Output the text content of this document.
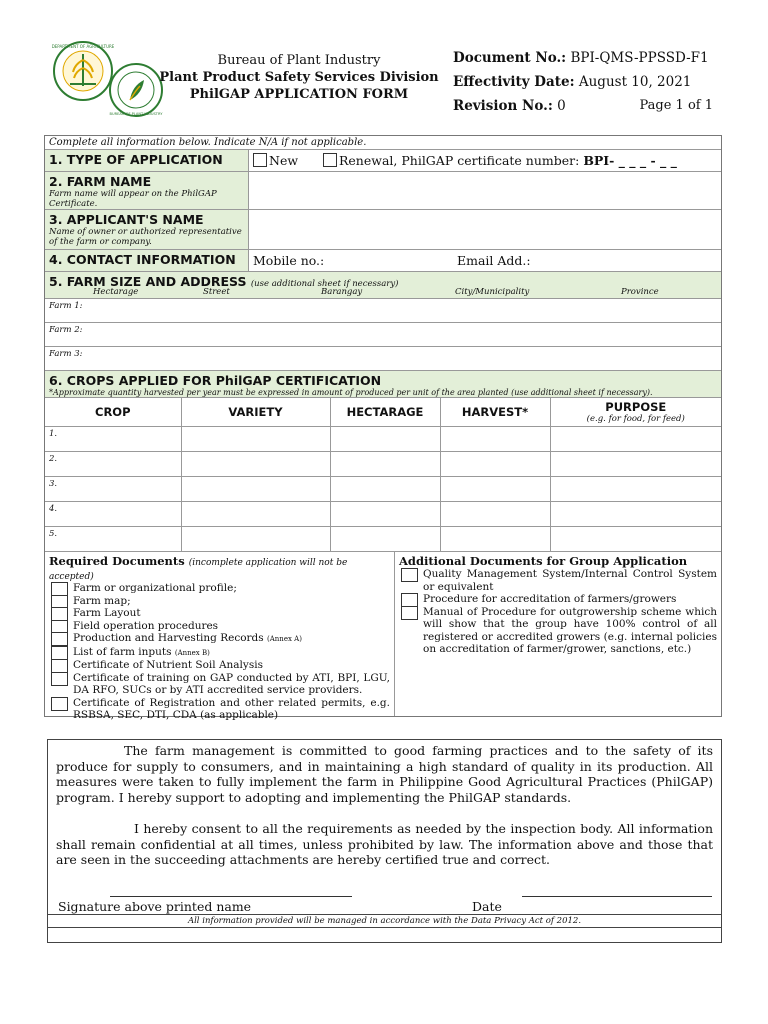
DEPARTMENT OF AGRICULTURE
BUREAU OF PLANT INDUSTRY
Bureau of Plant Industry
Plant Product Safety Services Division
PhilGAP APPLICATION FORM
Document No.: BPI-QMS-PPSSD-F1
Effectivity Date: August 10, 2021
Revision No.: 0	Page 1 of 1
Complete all information below. Indicate N/A if not applicable.
1. TYPE OF APPLICATION	New	Renewal, PhilGAP certificate number: BPI- _ _ _ - _ _
2. FARM NAME
Farm name will appear on the PhilGAP Certificate.
3. APPLICANT'S NAME
Name of owner or authorized representative of the farm or company.
4. CONTACT INFORMATION	Mobile no.:	Email Add.:
5. FARM SIZE AND ADDRESS (use additional sheet if necessary)
Hectarage	Street	Barangay	City/Municipality	Province
Farm 1:
Farm 2:
Farm 3:
6. CROPS APPLIED FOR PhilGAP CERTIFICATION
*Approximate quantity harvested per year must be expressed in amount of produced per unit of the area planted (use additional sheet if necessary).
CROP	VARIETY	HECTARAGE	HARVEST*	PURPOSE
(e.g. for food, for feed)

1.				
2.				
3.				
4.				
5.				
Required Documents (incomplete application will not be accepted)
Farm or organizational profile;
Farm map;
Farm Layout
Field operation procedures
Production and Harvesting Records (Annex A)
List of farm inputs (Annex B)
Certificate of Nutrient Soil Analysis
Certificate of training on GAP conducted by ATI, BPI, LGU, DA RFO, SUCs or by ATI accredited service providers.
Certificate of Registration and other related permits, e.g. RSBSA, SEC, DTI, CDA (as applicable)
Additional Documents for Group Application
Quality Management System/Internal Control System or equivalent
Procedure for accreditation of farmers/growers
Manual of Procedure for outgrowership scheme which will show that the group have 100% control of all registered or accredited growers (e.g. internal policies on accreditation of farmer/grower, sanctions, etc.)

The farm management is committed to good farming practices and to the safety of its produce for supply to consumers, and in maintaining a high standard of quality in its production. All measures were taken to fully implement the farm in Philippine Good Agricultural Practices (PhilGAP) program. I hereby support to adopting and implementing the PhilGAP standards.

I hereby consent to all the requirements as needed by the inspection body. All information shall remain confidential at all times, unless prohibited by law. The information above and those that are seen in the succeeding attachments are hereby certified true and correct.

Signature above printed name	Date
All information provided will be managed in accordance with the Data Privacy Act of 2012.
